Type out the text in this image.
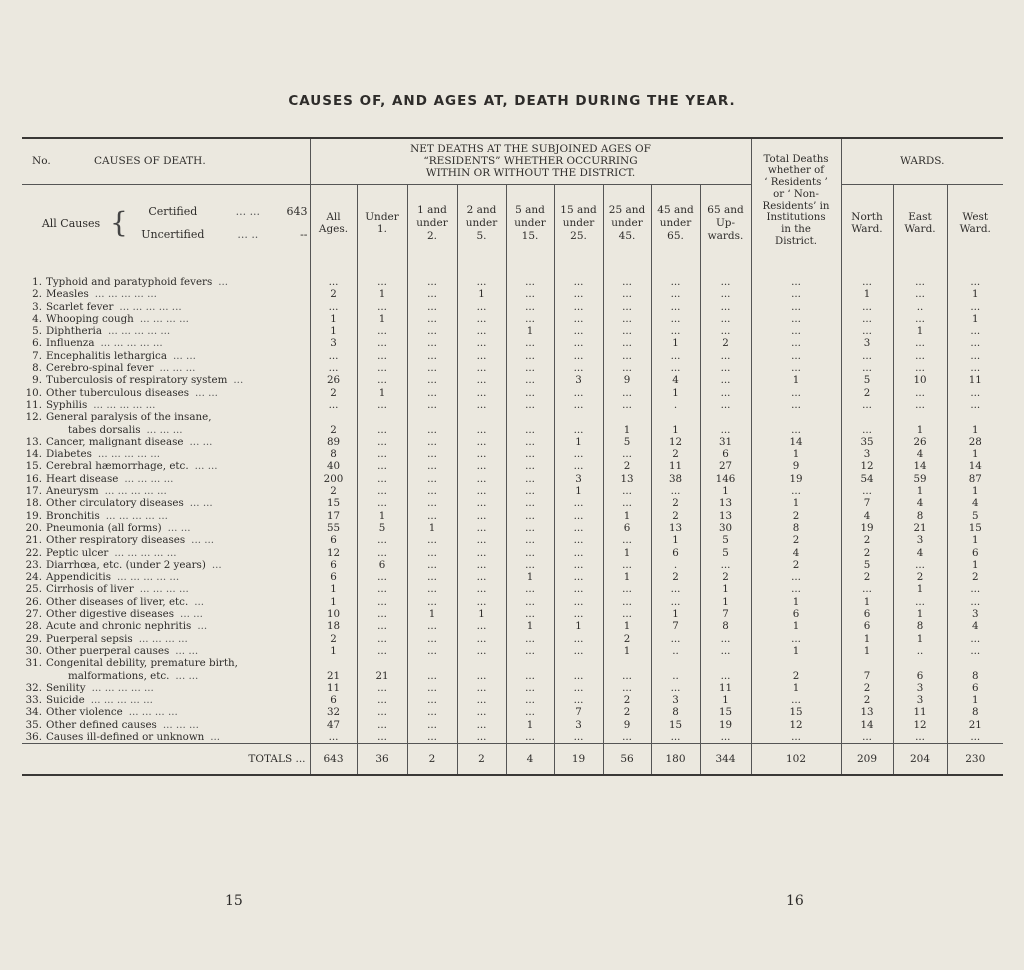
CAUSES OF, AND AGES AT, DEATH DURING THE YEAR.
No.	CAUSES OF DEATH.	
NET DEATHS AT THE SUBJOINED AGES OF
“RESIDENTS” WHETHER OCCURRING
WITHIN OR WITHOUT THE DISTRICT.

Total Deaths
whether of
‘ Residents ’
or ‘ Non-
Residents’ in
Institutions
in the
District.
	WARDS.

All Causes	{	Certified	... ...	643
Uncertified	... ..	--

All
Ages.

Under
1.

1 and
under
2.

2 and
under
5.

5 and
under
15.

15 and
under
25.

25 and
under
45.

45 and
under
65.

65 and
Up-
wards.

North
Ward.

East
Ward.

West
Ward.

1. Typhoid and paratyphoid fevers ...	...	...	...	...	...	...	...	...	...	...	...	...	...
2. Measles ... ... ... ... ...	2	1	...	1	...	...	...	...	...	...	1	...	1
3. Scarlet fever ... ... ... ... ...	...	...	...	...	...	...	...	...	...	...	...	..	...
4. Whooping cough ... ... ... ...	1	1	...	...	...	...	...	...	...	...	...	...	1
5. Diphtheria ... ... ... ... ...	1	...	...	...	1	...	...	...	...	...	...	1	...
6. Influenza ... ... ... ... ...	3	...	...	...	...	...	...	1	2	...	3	...	...
7. Encephalitis lethargica ... ...	...	...	...	...	...	...	...	...	...	...	...	...	...
8. Cerebro-spinal fever ... ... ...	...	...	...	...	...	...	...	...	...	...	...	...	...
9. Tuberculosis of respiratory system ...	26	...	...	...	...	3	9	4	...	1	5	10	11
10. Other tuberculous diseases ... ...	2	1	...	...	...	...	...	1	...	...	2	...	...
11. Syphilis ... ... ... ... ...	...	...	...	...	...	...	...	.	...	...	...	...	...
12. General paralysis of the insane,													
tabes dorsalis ... ... ...	2	...	...	...	...	...	1	1	...	...	...	1	1
13. Cancer, malignant disease ... ...	89	...	...	...	...	1	5	12	31	14	35	26	28
14. Diabetes ... ... ... ... ...	8	...	...	...	...	...	...	2	6	1	3	4	1
15. Cerebral hæmorrhage, etc. ... ...	40	...	...	...	...	...	2	11	27	9	12	14	14
16. Heart disease ... ... ... ...	200	...	...	...	...	3	13	38	146	19	54	59	87
17. Aneurysm ... ... ... ... ...	2	...	...	...	...	1	...	...	1	...	...	1	1
18. Other circulatory diseases ... ...	15	...	...	...	...	...	...	2	13	1	7	4	4
19. Bronchitis ... ... ... ... ...	17	1	...	...	...	...	1	2	13	2	4	8	5
20. Pneumonia (all forms) ... ...	55	5	1	...	...	...	6	13	30	8	19	21	15
21. Other respiratory diseases ... ...	6	...	...	...	...	...	...	1	5	2	2	3	1
22. Peptic ulcer ... ... ... ... ...	12	...	...	...	...	...	1	6	5	4	2	4	6
23. Diarrhœa, etc. (under 2 years) ...	6	6	...	...	...	...	...	.	...	2	5	...	1
24. Appendicitis ... ... ... ... ...	6	...	...	...	1	...	1	2	2	...	2	2	2
25. Cirrhosis of liver ... ... ... ...	1	...	...	...	...	...	...	...	1	...	...	1	...
26. Other diseases of liver, etc. ...	1	...	...	...	...	...	...	...	1	1	1	...	...
27. Other digestive diseases ... ...	10	...	1	1	...	...	...	1	7	6	6	1	3
28. Acute and chronic nephritis ...	18	...	...	...	1	1	1	7	8	1	6	8	4
29. Puerperal sepsis ... ... ... ...	2	...	...	...	...	...	2	...	...	...	1	1	...
30. Other puerperal causes ... ...	1	...	...	...	...	...	1	..	...	1	1	..	...
31. Congenital debility, premature birth,													
malformations, etc. ... ...	21	21	...	...	...	...	...	..	...	2	7	6	8
32. Senility ... ... ... ... ...	11	...	...	...	...	...	...	...	11	1	2	3	6
33. Suicide ... ... ... ... ...	6	...	...	...	...	...	2	3	1	...	2	3	1
34. Other violence ... ... ... ...	32	...	...	...	...	7	2	8	15	15	13	11	8
35. Other defined causes ... ... ...	47	...	...	...	1	3	9	15	19	12	14	12	21
36. Causes ill-defined or unknown ...	...	...	...	...	...	...	...	...	...	...	...	...	...
TOTALS ...	643	36	2	2	4	19	56	180	344	102	209	204	230
15	16
